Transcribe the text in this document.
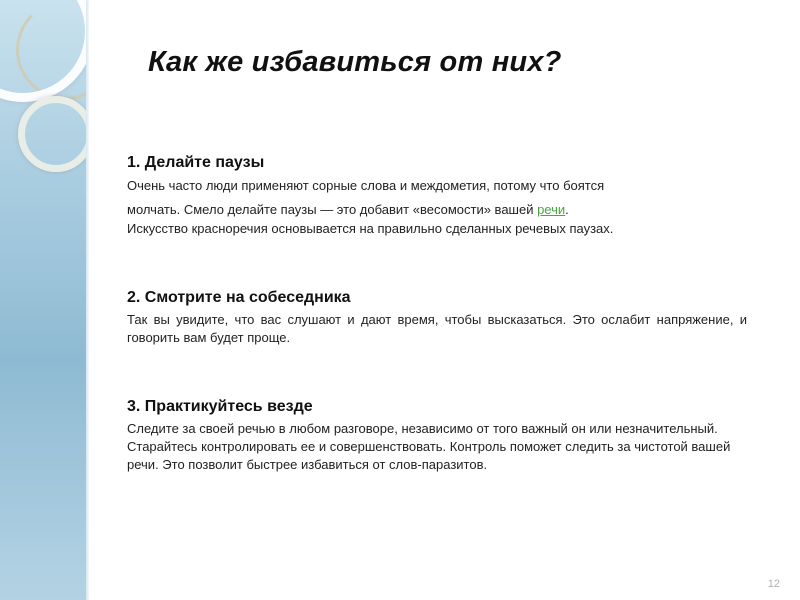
Как же избавиться от них?

1. Делайте паузы

Очень часто люди применяют сорные слова и междометия, потому что боятся

молчать. Смело делайте паузы — это добавит «весомости» вашей речи.

Искусство красноречия основывается на правильно сделанных речевых паузах.

2. Смотрите на собеседника

Так вы увидите, что вас слушают и дают время, чтобы высказаться. Это ослабит напряжение, и говорить вам будет проще.

3. Практикуйтесь везде

Следите за своей речью в любом разговоре, независимо от того важный он или незначительный. Старайтесь контролировать ее и совершенствовать. Контроль поможет следить за чистотой вашей речи. Это позволит быстрее избавиться от слов-паразитов.

12
